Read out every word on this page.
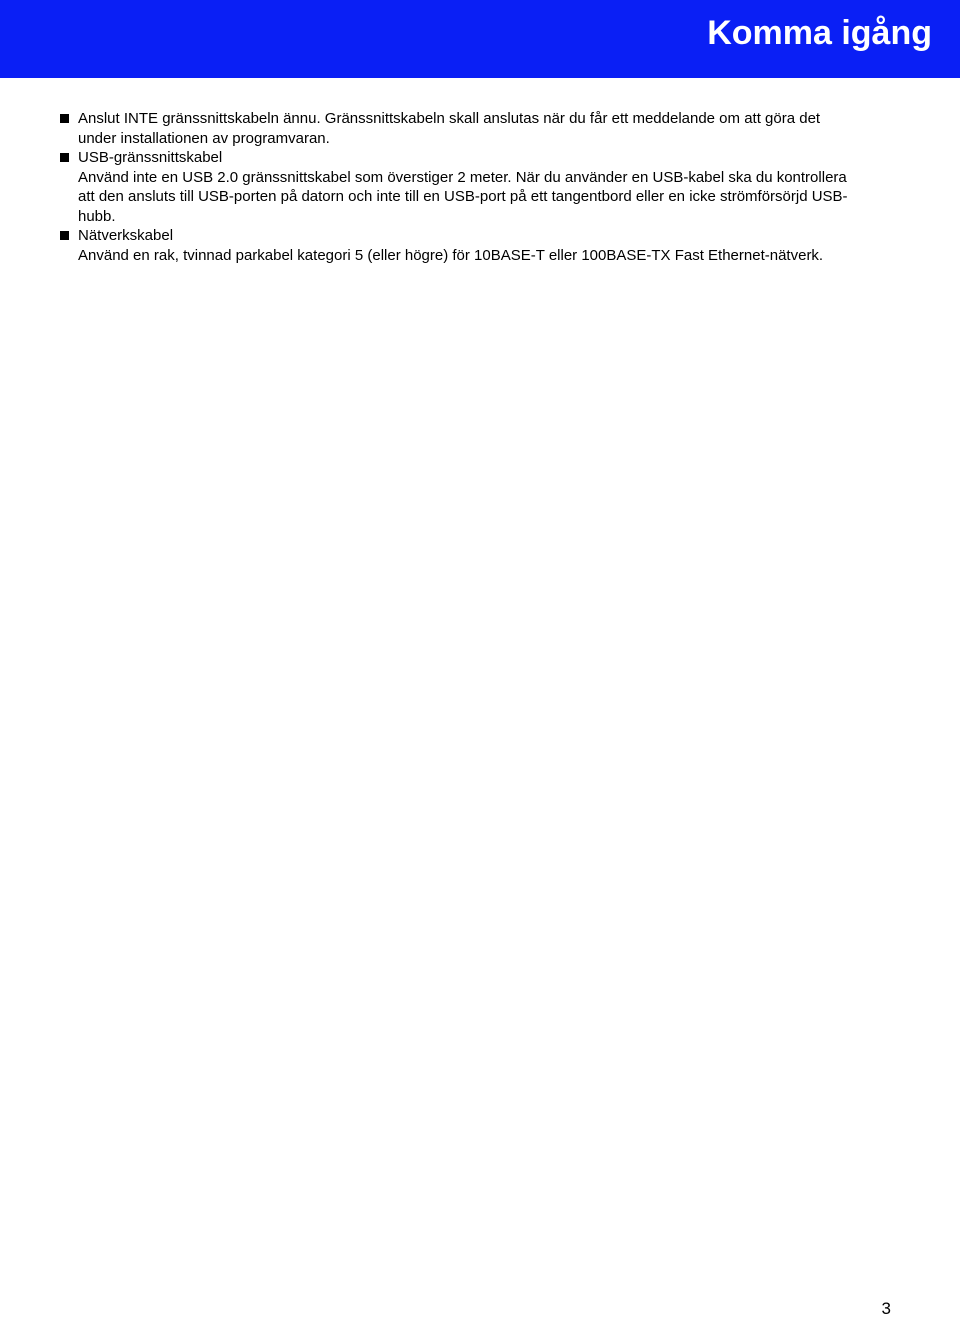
Komma igång
Anslut INTE gränssnittskabeln ännu. Gränssnittskabeln skall anslutas när du får ett meddelande om att göra det under installationen av programvaran.
USB-gränssnittskabel
Använd inte en USB 2.0 gränssnittskabel som överstiger 2 meter. När du använder en USB-kabel ska du kontrollera att den ansluts till USB-porten på datorn och inte till en USB-port på ett tangentbord eller en icke strömförsörjd USB-hubb.
Nätverkskabel
Använd en rak, tvinnad parkabel kategori 5 (eller högre) för 10BASE-T eller 100BASE-TX Fast Ethernet-nätverk.
3
